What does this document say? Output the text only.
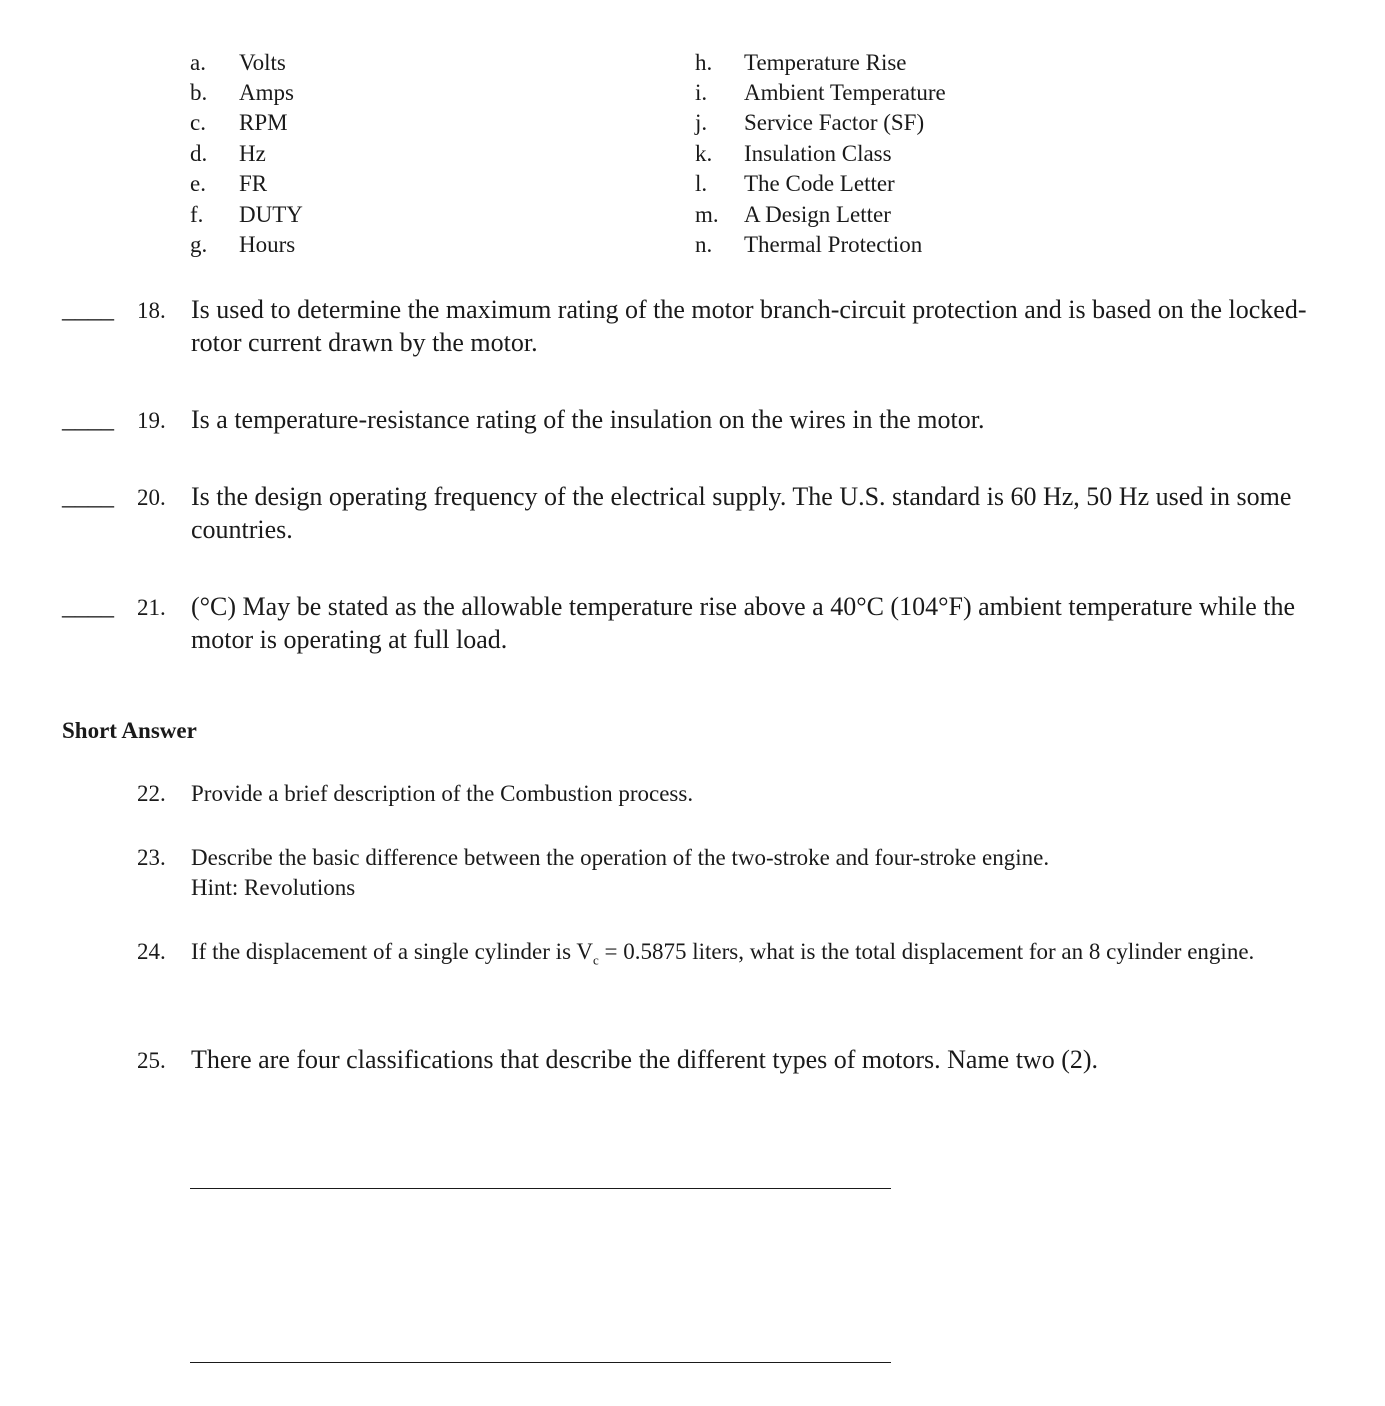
a. Volts
b. Amps
c. RPM
d. Hz
e. FR
f. DUTY
g. Hours
h. Temperature Rise
i. Ambient Temperature
j. Service Factor (SF)
k. Insulation Class
l. The Code Letter
m. A Design Letter
n. Thermal Protection
____ 18. Is used to determine the maximum rating of the motor branch-circuit protection and is based on the locked-rotor current drawn by the motor.
____ 19. Is a temperature-resistance rating of the insulation on the wires in the motor.
____ 20. Is the design operating frequency of the electrical supply. The U.S. standard is 60 Hz, 50 Hz used in some countries.
____ 21. (°C) May be stated as the allowable temperature rise above a 40°C (104°F) ambient temperature while the motor is operating at full load.
Short Answer
22. Provide a brief description of the Combustion process.
23. Describe the basic difference between the operation of the two-stroke and four-stroke engine.
Hint: Revolutions
24. If the displacement of a single cylinder is $V_c = 0.5875$ liters, what is the total displacement for an 8 cylinder engine.
25. There are four classifications that describe the different types of motors. Name two (2).
